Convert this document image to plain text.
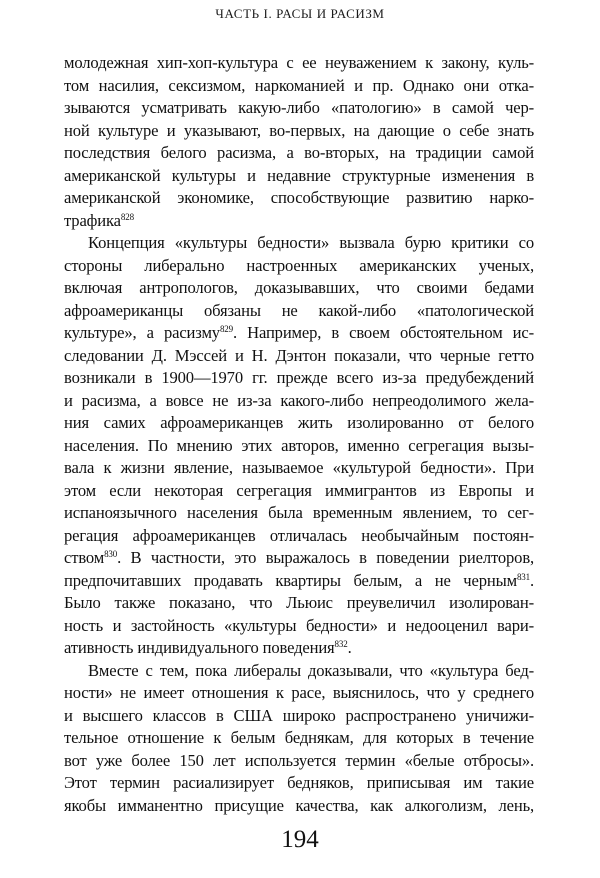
ЧАСТЬ I. РАСЫ И РАСИЗМ
молодежная хип-хоп-культура с ее неуважением к закону, куль-
том насилия, сексизмом, наркоманией и пр. Однако они отка-
зываются усматривать какую-либо «патологию» в самой чер-
ной культуре и указывают, во-первых, на дающие о себе знать
последствия белого расизма, а во-вторых, на традиции самой
американской культуры и недавние структурные изменения в
американской экономике, способствующие развитию нарко-
трафика$^{828}$
Концепция «культуры бедности» вызвала бурю критики со
стороны либерально настроенных американских ученых,
включая антропологов, доказывавших, что своими бедами
афроамериканцы обязаны не какой-либо «патологической
культуре», а расизму$^{829}$. Например, в своем обстоятельном ис-
следовании Д. Мэссей и Н. Дэнтон показали, что черные гетто
возникали в 1900—1970 гг. прежде всего из-за предубеждений
и расизма, а вовсе не из-за какого-либо непреодолимого жела-
ния самих афроамериканцев жить изолированно от белого
населения. По мнению этих авторов, именно сегрегация вызы-
вала к жизни явление, называемое «культурой бедности». При
этом если некоторая сегрегация иммигрантов из Европы и
испаноязычного населения была временным явлением, то сег-
регация афроамериканцев отличалась необычайным постоян-
ством$^{830}$. В частности, это выражалось в поведении риелторов,
предпочитавших продавать квартиры белым, а не черным$^{831}$.
Было также показано, что Льюис преувеличил изолирован-
ность и застойность «культуры бедности» и недооценил вари-
ативность индивидуального поведения$^{832}$.
Вместе с тем, пока либералы доказывали, что «культура бед-
ности» не имеет отношения к расе, выяснилось, что у среднего
и высшего классов в США широко распространено уничижи-
тельное отношение к белым беднякам, для которых в течение
вот уже более 150 лет используется термин «белые отбросы».
Этот термин расиализирует бедняков, приписывая им такие
якобы имманентно присущие качества, как алкоголизм, лень,
194
